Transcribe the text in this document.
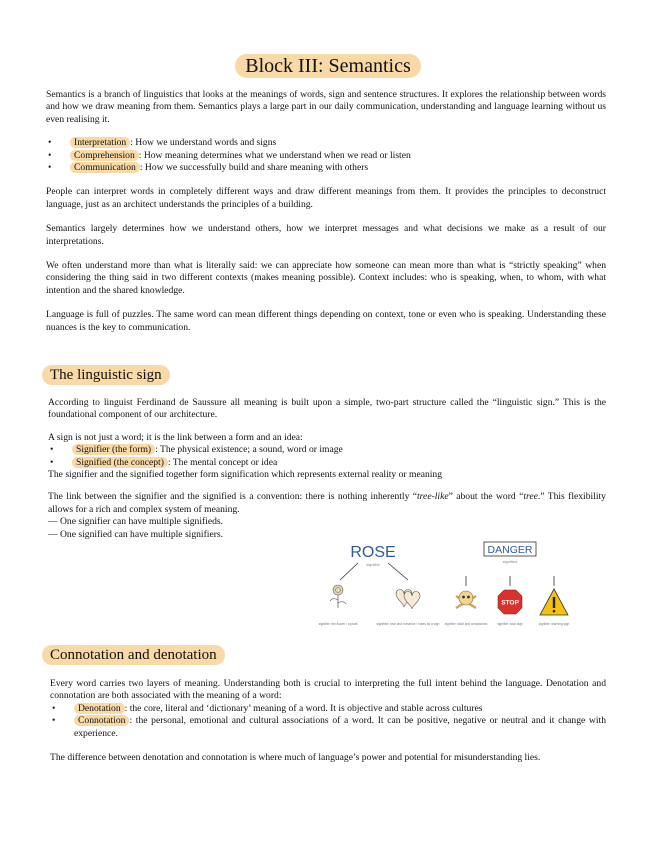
Block III: Semantics

Semantics is a branch of linguistics that looks at the meanings of words, sign and sentence structures. It explores the relationship between words and how we draw meaning from them. Semantics plays a large part in our daily communication, understanding and language learning without us even realising it.

• Interpretation : How we understand words and signs
• Comprehension : How meaning determines what we understand when we read or listen
• Communication : How we successfully build and share meaning with others

People can interpret words in completely different ways and draw different meanings from them. It provides the principles to deconstruct language, just as an architect understands the principles of a building.

Semantics largely determines how we understand others, how we interpret messages and what decisions we make as a result of our interpretations.

We often understand more than what is literally said: we can appreciate how someone can mean more than what is “strictly speaking” when considering the thing said in two different contexts (makes meaning possible). Context includes: who is speaking, when, to whom, with what intention and the shared knowledge.

Language is full of puzzles. The same word can mean different things depending on context, tone or even who is speaking. Understanding these nuances is the key to communication.

The linguistic sign

According to linguist Ferdinand de Saussure all meaning is built upon a simple, two-part structure called the “linguistic sign.” This is the foundational component of our architecture.

A sign is not just a word; it is the link between a form and an idea:

• Signifier (the form) : The physical existence; a sound, word or image
• Signified (the concept) : The mental concept or idea

The signifier and the signified together form signification which represents external reality or meaning

The link between the signifier and the signified is a convention: there is nothing inherently “tree-like” about the word “tree.” This flexibility allows for a rich and complex system of meaning.

— One signifier can have multiple signifieds.

— One signified can have multiple signifiers.

ROSE
signifier
DANGER
signified
STOP
signifier: the flower / a plant	signified: love and romance / roses as a sign signifier: skull and crossbones	signifier: stop sign	signifier: warning sign
Connotation and denotation

Every word carries two layers of meaning. Understanding both is crucial to interpreting the full intent behind the language. Denotation and connotation are both associated with the meaning of a word:

• Denotation : the core, literal and ‘dictionary’ meaning of a word. It is objective and stable across cultures
• Connotation : the personal, emotional and cultural associations of a word. It can be positive, negative or neutral and it change with experience.

The difference between denotation and connotation is where much of language’s power and potential for misunderstanding lies.
